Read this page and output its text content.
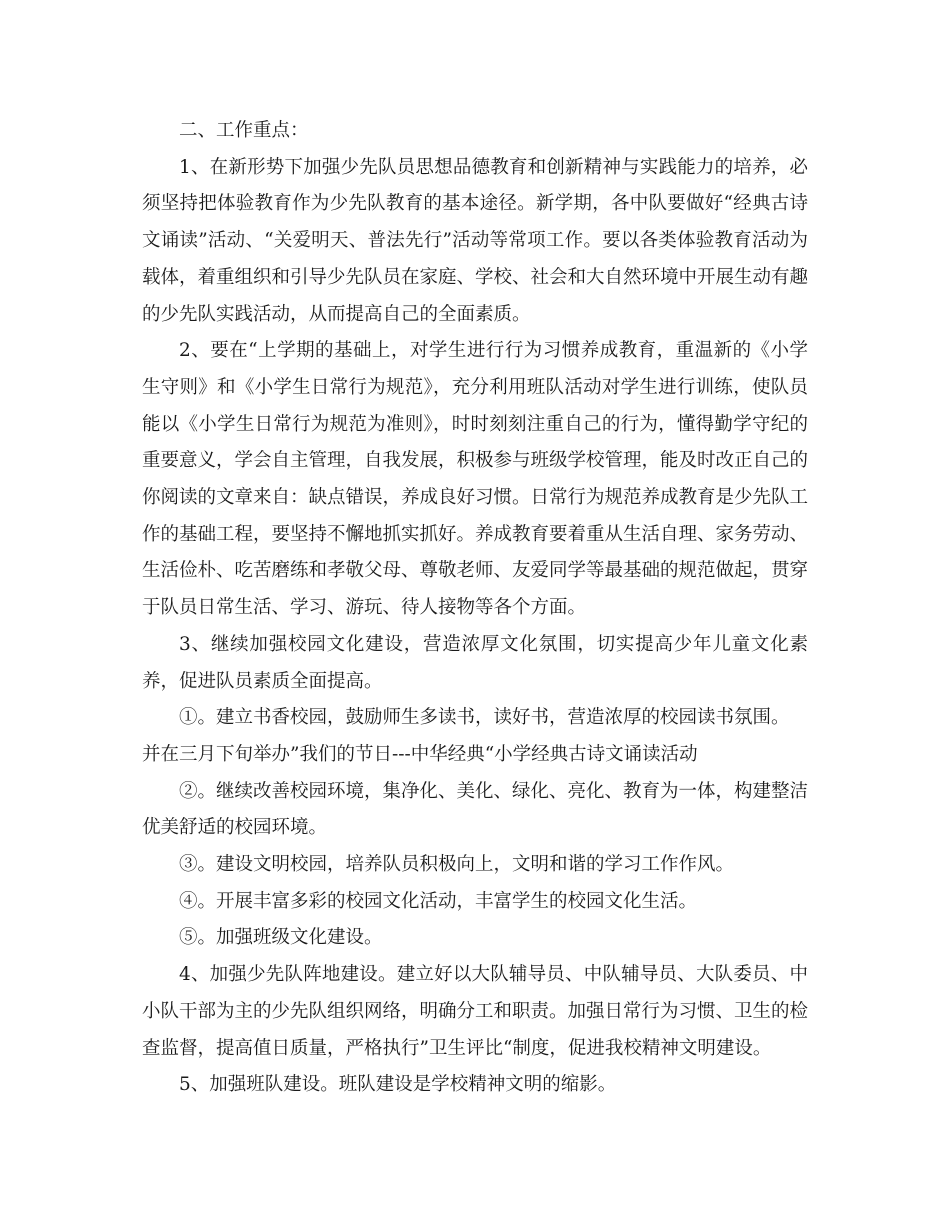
二、工作重点：

1、在新形势下加强少先队员思想品德教育和创新精神与实践能力的培养，必须坚持把体验教育作为少先队教育的基本途径。新学期，各中队要做好“经典古诗文诵读”活动、“关爱明天、普法先行”活动等常项工作。要以各类体验教育活动为载体，着重组织和引导少先队员在家庭、学校、社会和大自然环境中开展生动有趣的少先队实践活动，从而提高自己的全面素质。

2、要在“上学期的基础上，对学生进行行为习惯养成教育，重温新的《小学生守则》和《小学生日常行为规范》，充分利用班队活动对学生进行训练，使队员能以《小学生日常行为规范为准则》，时时刻刻注重自己的行为，懂得勤学守纪的重要意义，学会自主管理，自我发展，积极参与班级学校管理，能及时改正自己的你阅读的文章来自：缺点错误，养成良好习惯。日常行为规范养成教育是少先队工作的基础工程，要坚持不懈地抓实抓好。养成教育要着重从生活自理、家务劳动、生活俭朴、吃苦磨练和孝敬父母、尊敬老师、友爱同学等最基础的规范做起，贯穿于队员日常生活、学习、游玩、待人接物等各个方面。

3、继续加强校园文化建设，营造浓厚文化氛围，切实提高少年儿童文化素养，促进队员素质全面提高。

①。建立书香校园，鼓励师生多读书，读好书，营造浓厚的校园读书氛围。

并在三月下旬举办”我们的节日---中华经典“小学经典古诗文诵读活动

②。继续改善校园环境，集净化、美化、绿化、亮化、教育为一体，构建整洁优美舒适的校园环境。

③。建设文明校园，培养队员积极向上，文明和谐的学习工作作风。

④。开展丰富多彩的校园文化活动，丰富学生的校园文化生活。

⑤。加强班级文化建设。

4、加强少先队阵地建设。建立好以大队辅导员、中队辅导员、大队委员、中小队干部为主的少先队组织网络，明确分工和职责。加强日常行为习惯、卫生的检查监督，提高值日质量，严格执行”卫生评比“制度，促进我校精神文明建设。

5、加强班队建设。班队建设是学校精神文明的缩影。
